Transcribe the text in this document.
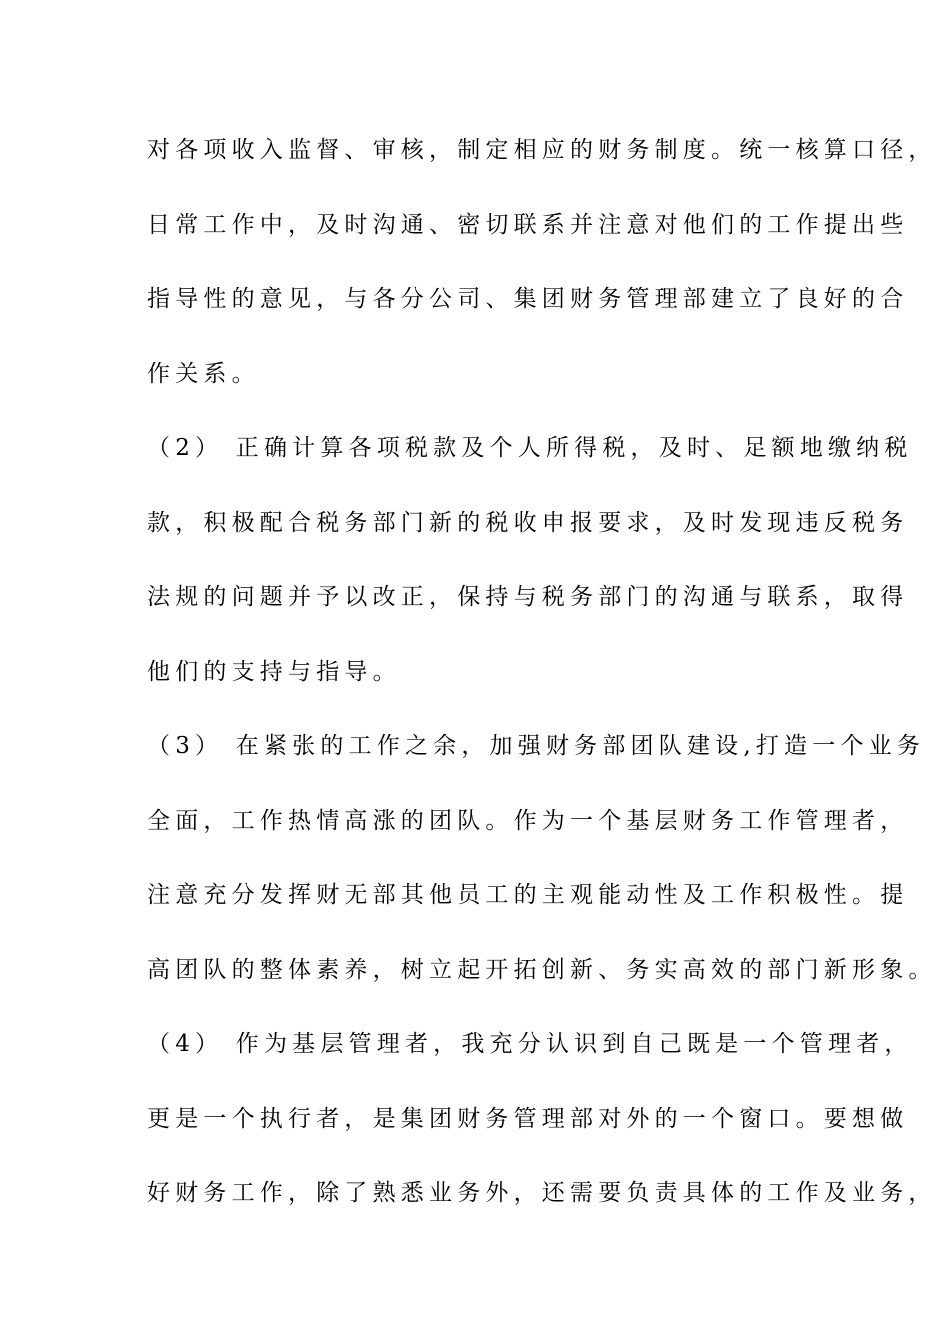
对各项收入监督、审核，制定相应的财务制度。统一核算口径，
日常工作中，及时沟通、密切联系并注意对他们的工作提出些
指导性的意见，与各分公司、集团财务管理部建立了良好的合
作关系。
（2） 正确计算各项税款及个人所得税，及时、足额地缴纳税
款，积极配合税务部门新的税收申报要求，及时发现违反税务
法规的问题并予以改正，保持与税务部门的沟通与联系，取得
他们的支持与指导。
（3） 在紧张的工作之余，加强财务部团队建设,打造一个业务
全面，工作热情高涨的团队。作为一个基层财务工作管理者，
注意充分发挥财无部其他员工的主观能动性及工作积极性。提
高团队的整体素养，树立起开拓创新、务实高效的部门新形象。
（4） 作为基层管理者，我充分认识到自己既是一个管理者，
更是一个执行者，是集团财务管理部对外的一个窗口。要想做
好财务工作，除了熟悉业务外，还需要负责具体的工作及业务，
